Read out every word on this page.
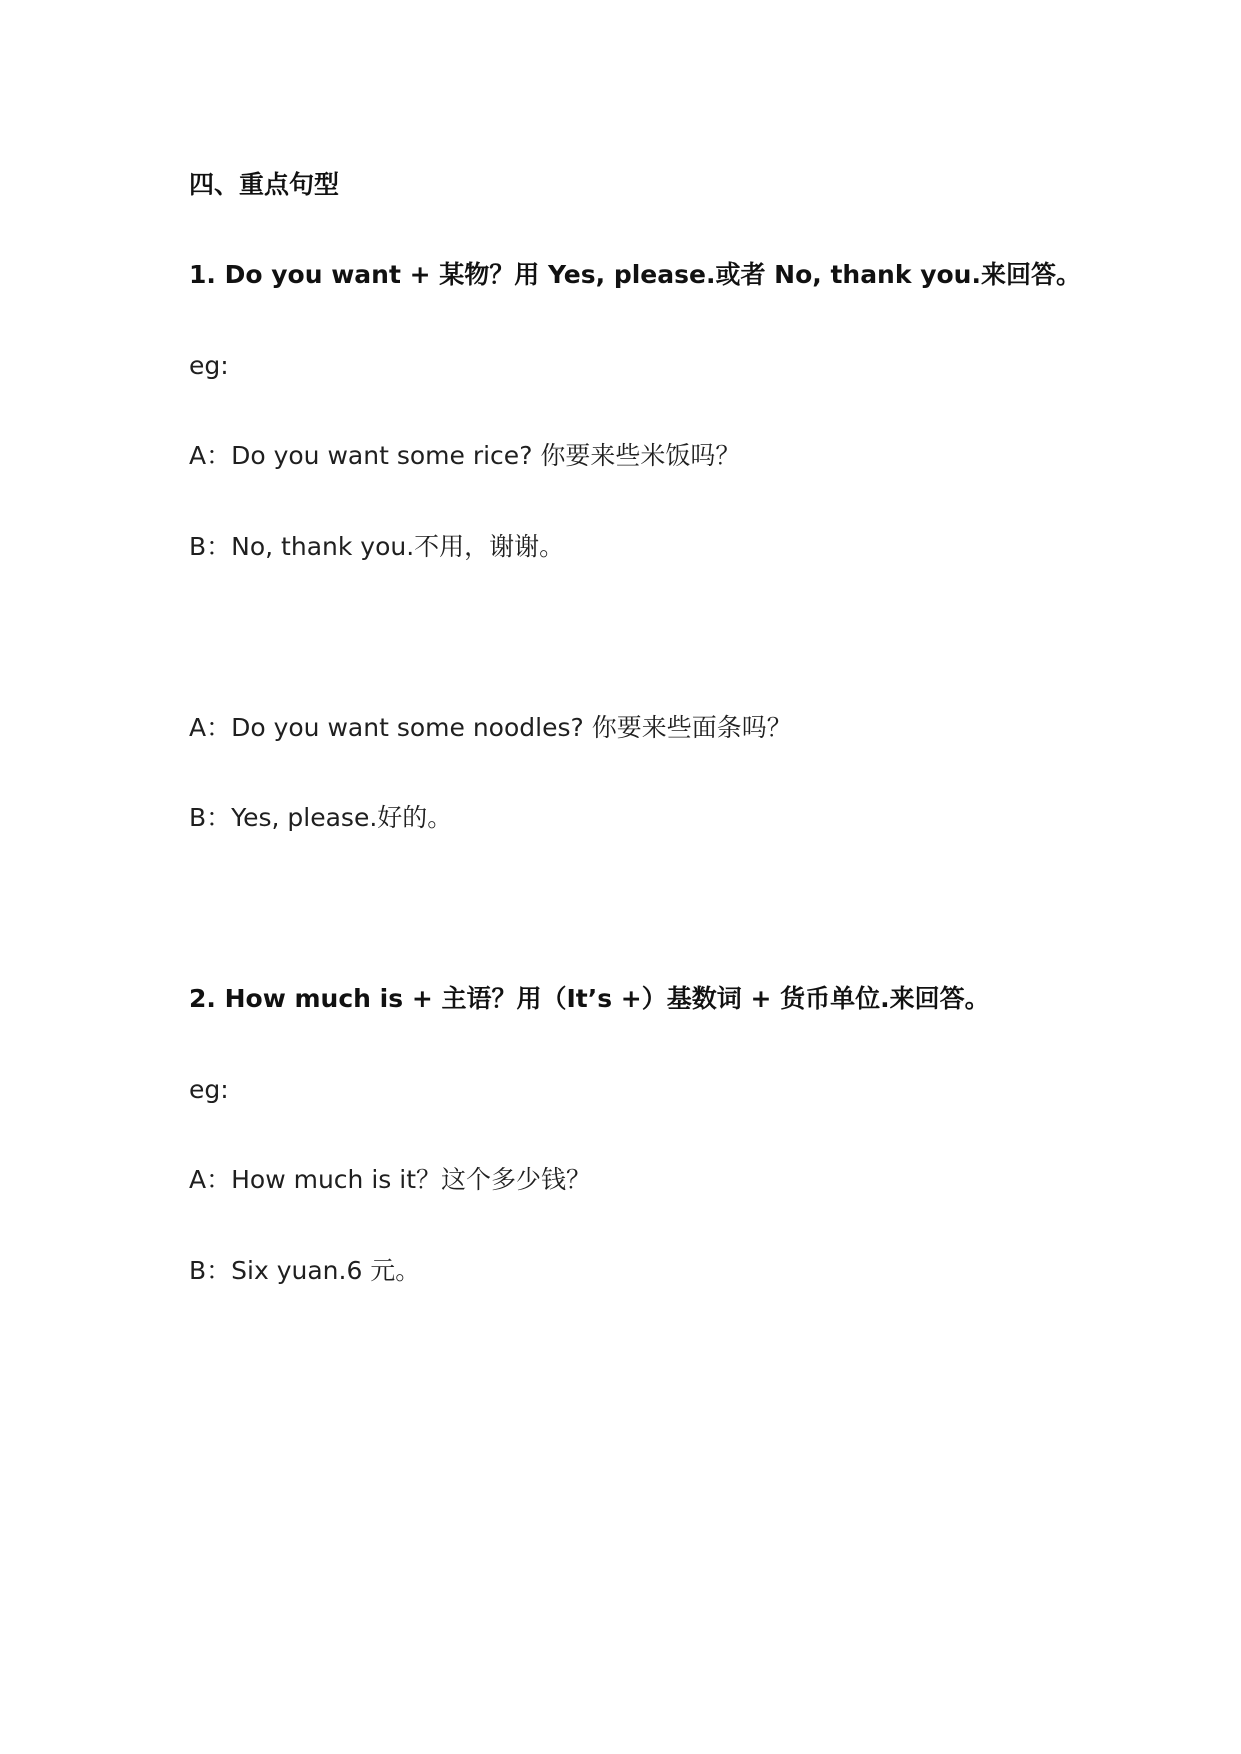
四、重点句型
1. Do you want + 某物？用 Yes, please.或者 No, thank you.来回答。
eg:
A：Do you want some rice? 你要来些米饭吗？
B：No, thank you.不用，谢谢。
A：Do you want some noodles? 你要来些面条吗？
B：Yes, please.好的。
2. How much is + 主语？用（It’s +）基数词 + 货币单位.来回答。
eg:
A：How much is it？这个多少钱？
B：Six yuan.6 元。
